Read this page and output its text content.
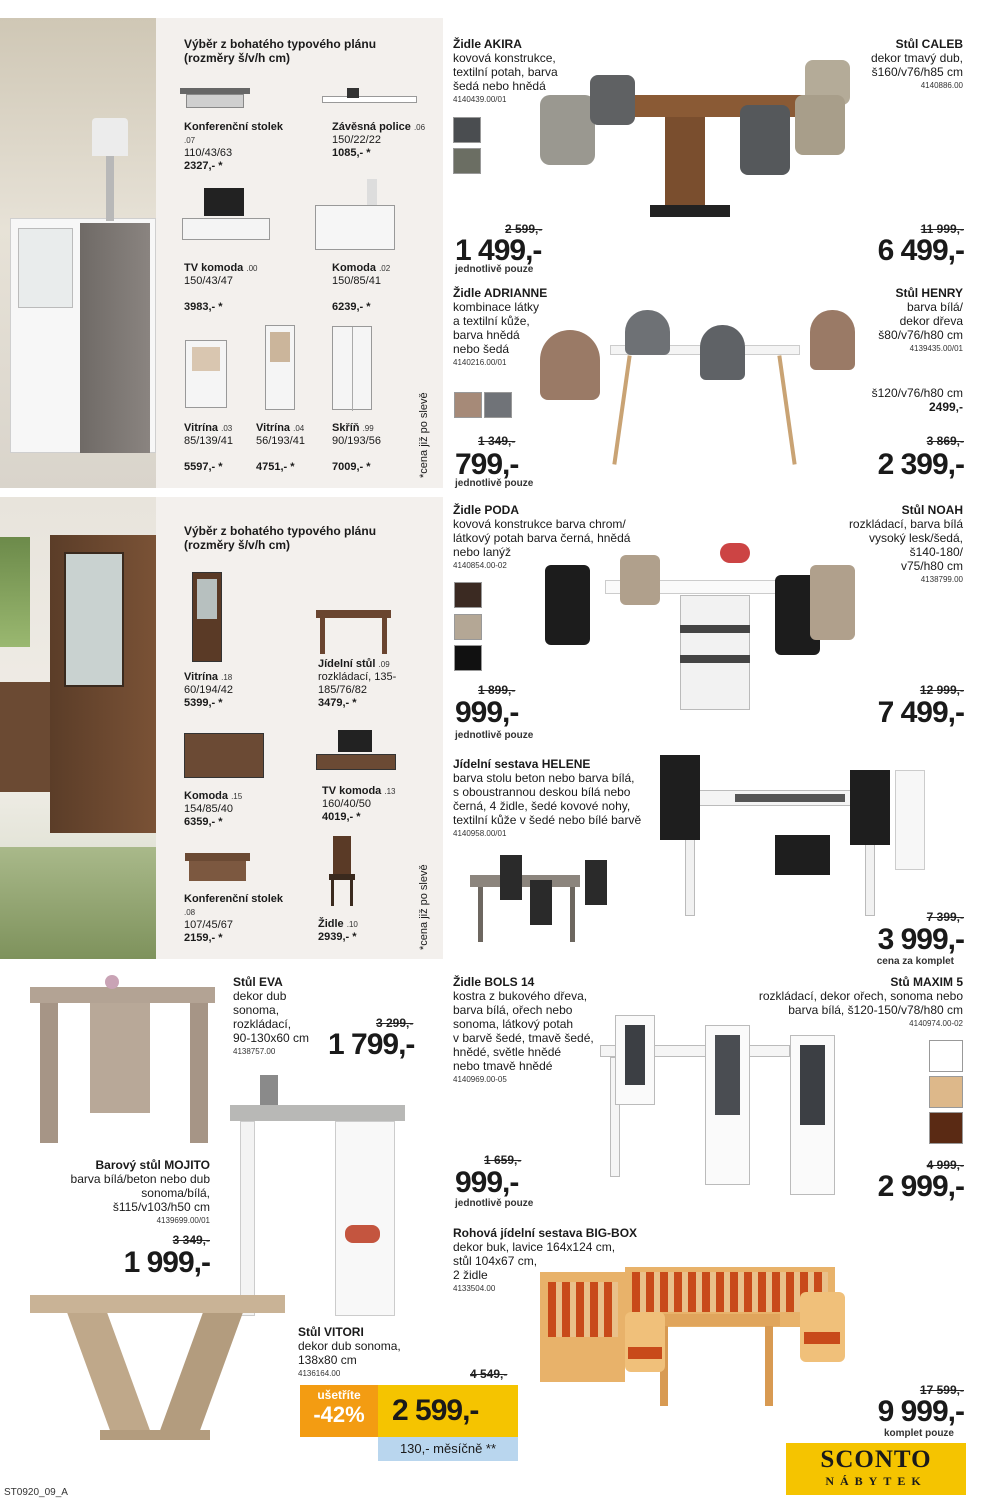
Výběr z bohatého typového plánu (rozměry š/v/h cm)
Konferenční stolek .07
110/43/63
2327,- *
Závěsná police .06
150/22/22
1085,- *
TV komoda .00
150/43/47

3983,- *
Komoda .02
150/85/41

6239,- *
Vitrína .03
85/139/41

5597,- *
Vitrína .04
56/193/41

4751,- *
Skříň .99
90/193/56

7009,- *	*cena již po slevě
Výběr z bohatého typového plánu (rozměry š/v/h cm)
Vitrína .18
60/194/42
5399,- *
Jídelní stůl .09
rozkládací, 135-185/76/82
3479,- *
Komoda .15
154/85/40
6359,- *
TV komoda .13
160/40/50
4019,- *
Konferenční stolek .08
107/45/67
2159,- *
Židle .10
2939,- *	*cena již po slevě
Židle AKIRA
kovová konstrukce,
textilní potah, barva
šedá nebo hnědá
4140439.00/01
2 599,-
1 499,-
jednotlivě pouze
Stůl CALEB
dekor tmavý dub,
š160/v76/h85 cm
4140886.00
11 999,-
6 499,-
Židle ADRIANNE
kombinace látky
a textilní kůže,
barva hnědá
nebo šedá
4140216.00/01
1 349,-
799,-
jednotlivě pouze
Stůl HENRY
barva bílá/
dekor dřeva
š80/v76/h80 cm
4139435.00/01
š120/v76/h80 cm
2499,-
3 869,-
2 399,-
Židle PODA
kovová konstrukce barva chrom/
látkový potah barva černá, hnědá
nebo lanýž
4140854.00-02
1 899,-
999,-
jednotlivě pouze
Stůl NOAH
rozkládací, barva bílá
vysoký lesk/šedá,
š140-180/
v75/h80 cm
4138799.00
12 999,-
7 499,-
Jídelní sestava HELENE
barva stolu beton nebo barva bílá,
s oboustrannou deskou bílá nebo
černá, 4 židle, šedé kovové nohy,
textilní kůže v šedé nebo bílé barvě
4140958.00/01
7 399,-
3 999,-
cena za komplet
Stůl EVA
dekor dub
sonoma,
rozkládací,
90-130x60 cm
4138757.00
3 299,-
1 799,-
Barový stůl MOJITO
barva bílá/beton nebo dub
sonoma/bílá,
š115/v103/h50 cm
4139699.00/01
3 349,-
1 999,-
Stůl VITORI
dekor dub sonoma,
138x80 cm
4136164.00	4 549,-
ušetříte
-42% 2 599,-
130,- měsíčně **
Židle BOLS 14
kostra z bukového dřeva,
barva bílá, ořech nebo
sonoma, látkový potah
v barvě šedé, tmavě šedé,
hnědé, světle hnědé
nebo tmavě hnědé
4140969.00-05
Stů MAXIM 5
rozkládací, dekor ořech, sonoma nebo
barva bílá, š120-150/v78/h80 cm
4140974.00-02
1 659,-
999,-
jednotlivě pouze
4 999,-
2 999,-
Rohová jídelní sestava BIG-BOX
dekor buk, lavice 164x124 cm,
stůl 104x67 cm,
2 židle
4133504.00
17 599,-
9 999,-
komplet pouze
SCONTO
NÁBYTEK
ST0920_09_A
